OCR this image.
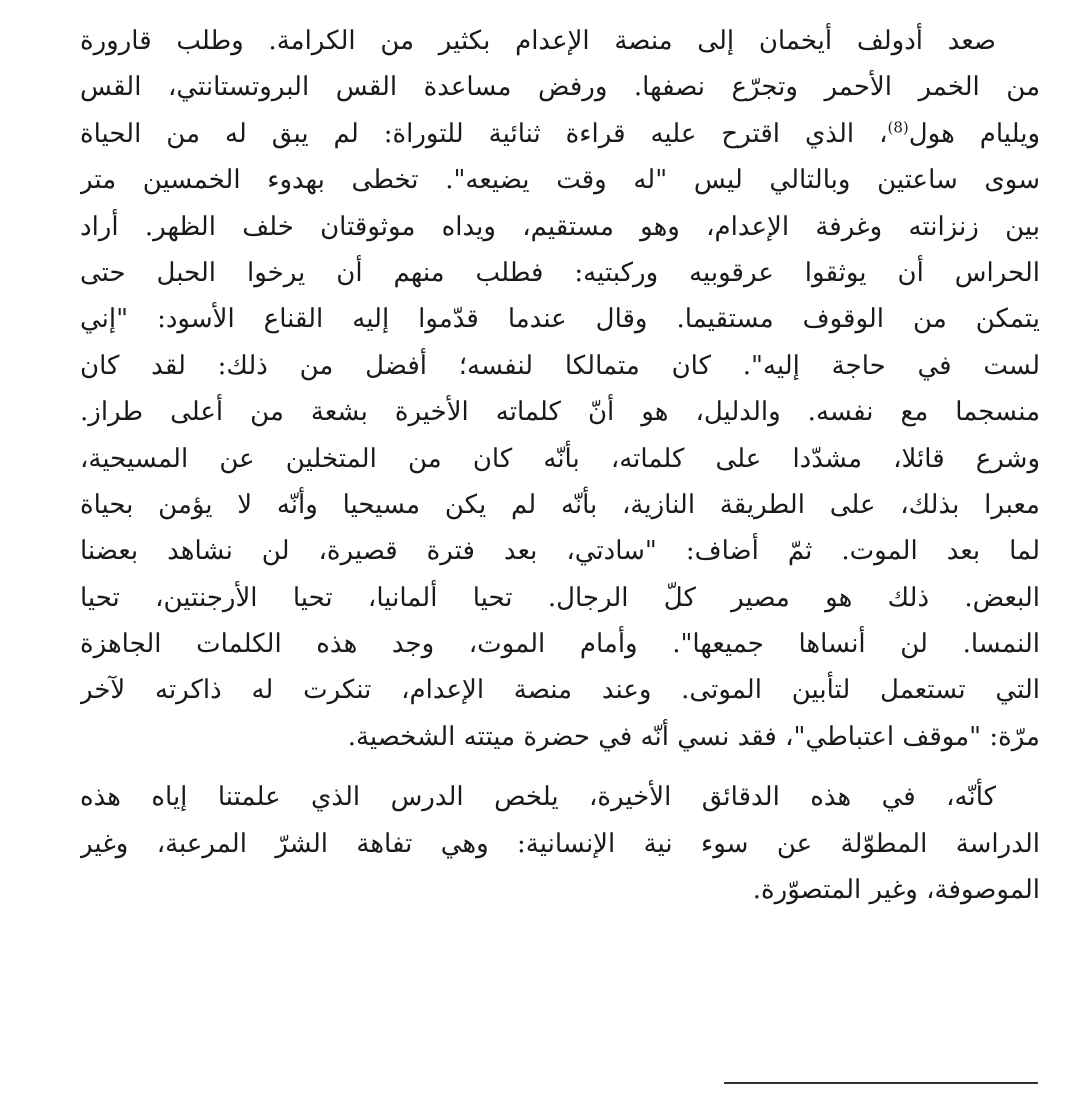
صعد أدولف أيخمان إلى منصة الإعدام بكثير من الكرامة. وطلب قارورة
من الخمر الأحمر وتجرّع نصفها. ورفض مساعدة القس البروتستانتي، القس
ويليام هول$^{(8)}$، الذي اقترح عليه قراءة ثنائية للتوراة: لم يبق له من الحياة
سوى ساعتين وبالتالي ليس "له وقت يضيعه". تخطى بهدوء الخمسين متر
بين زنزانته وغرفة الإعدام، وهو مستقيم، ويداه موثوقتان خلف الظهر. أراد
الحراس أن يوثقوا عرقوبيه وركبتيه: فطلب منهم أن يرخوا الحبل حتى
يتمكن من الوقوف مستقيما. وقال عندما قدّموا إليه القناع الأسود: "إني
لست في حاجة إليه". كان متمالكا لنفسه؛ أفضل من ذلك: لقد كان
منسجما مع نفسه. والدليل، هو أنّ كلماته الأخيرة بشعة من أعلى طراز.
وشرع قائلا، مشدّدا على كلماته، بأنّه كان من المتخلين عن المسيحية،
معبرا بذلك، على الطريقة النازية، بأنّه لم يكن مسيحيا وأنّه لا يؤمن بحياة
لما بعد الموت. ثمّ أضاف: "سادتي، بعد فترة قصيرة، لن نشاهد بعضنا
البعض. ذلك هو مصير كلّ الرجال. تحيا ألمانيا، تحيا الأرجنتين، تحيا
النمسا. لن أنساها جميعها". وأمام الموت، وجد هذه الكلمات الجاهزة
التي تستعمل لتأبين الموتى. وعند منصة الإعدام، تنكرت له ذاكرته لآخر
مرّة: "موقف اعتباطي"، فقد نسي أنّه في حضرة ميتته الشخصية.
كأنّه، في هذه الدقائق الأخيرة، يلخص الدرس الذي علمتنا إياه هذه
الدراسة المطوّلة عن سوء نية الإنسانية: وهي تفاهة الشرّ المرعبة، وغير
الموصوفة، وغير المتصوّرة.
